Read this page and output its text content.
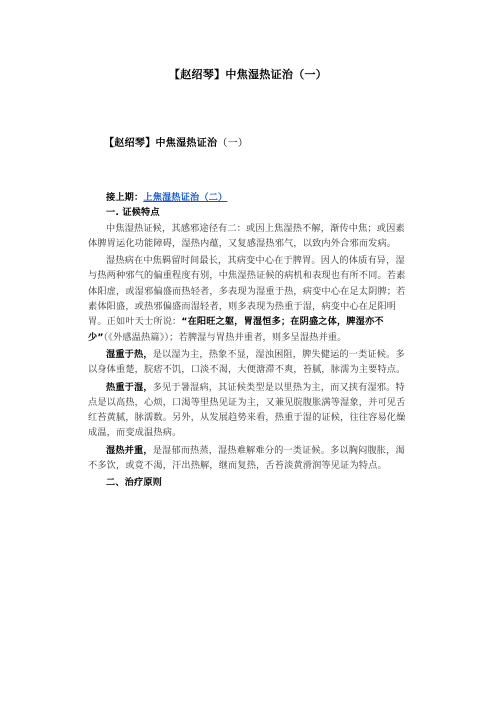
【赵绍琴】中焦湿热证治（一）
【赵绍琴】中焦湿热证治（一）

接上期：上焦湿热证治（二）

一. 证候特点

中焦湿热证候，其感邪途径有二：或因上焦湿热不解，渐传中焦；或因素体脾胃运化功能障碍，湿热内蕴，又复感湿热邪气，以致内外合邪而发病。

湿热病在中焦羁留时间最长，其病变中心在于脾胃。因人的体质有异，湿与热两种邪气的偏重程度有别，中焦湿热证候的病机和表现也有所不同。若素体阳虚，或湿邪偏盛而热轻者，多表现为湿重于热，病变中心在足太阴脾；若素体阳盛，或热邪偏盛而湿轻者，则多表现为热重于湿，病变中心在足阳明胃。正如叶天士所说：“在阳旺之躯，胃湿恒多；在阴盛之体，脾湿亦不少”（《外感温热篇》）；若脾湿与胃热并重者，则多呈湿热并重。

湿重于热，是以湿为主，热象不显，湿浊困阻，脾失健运的一类证候。多以身体重楚，脘痞不饥，口淡不渴，大便溏滞不爽，苔腻，脉濡为主要特点。

热重于湿，多见于暑湿病，其证候类型是以里热为主，而又挟有湿邪。特点是以高热，心烦，口渴等里热见证为主，又兼见脘腹胀满等湿象，并可见舌红苔黄腻，脉濡数。另外，从发展趋势来看，热重于湿的证候，往往容易化燥成温，而变成温热病。

湿热并重，是湿郁而热蒸，湿热难解难分的一类证候。多以胸闷腹胀，渴不多饮，或竟不渴，汗出热解，继而复热，舌苔淡黄滑润等见证为特点。

二、治疗原则
